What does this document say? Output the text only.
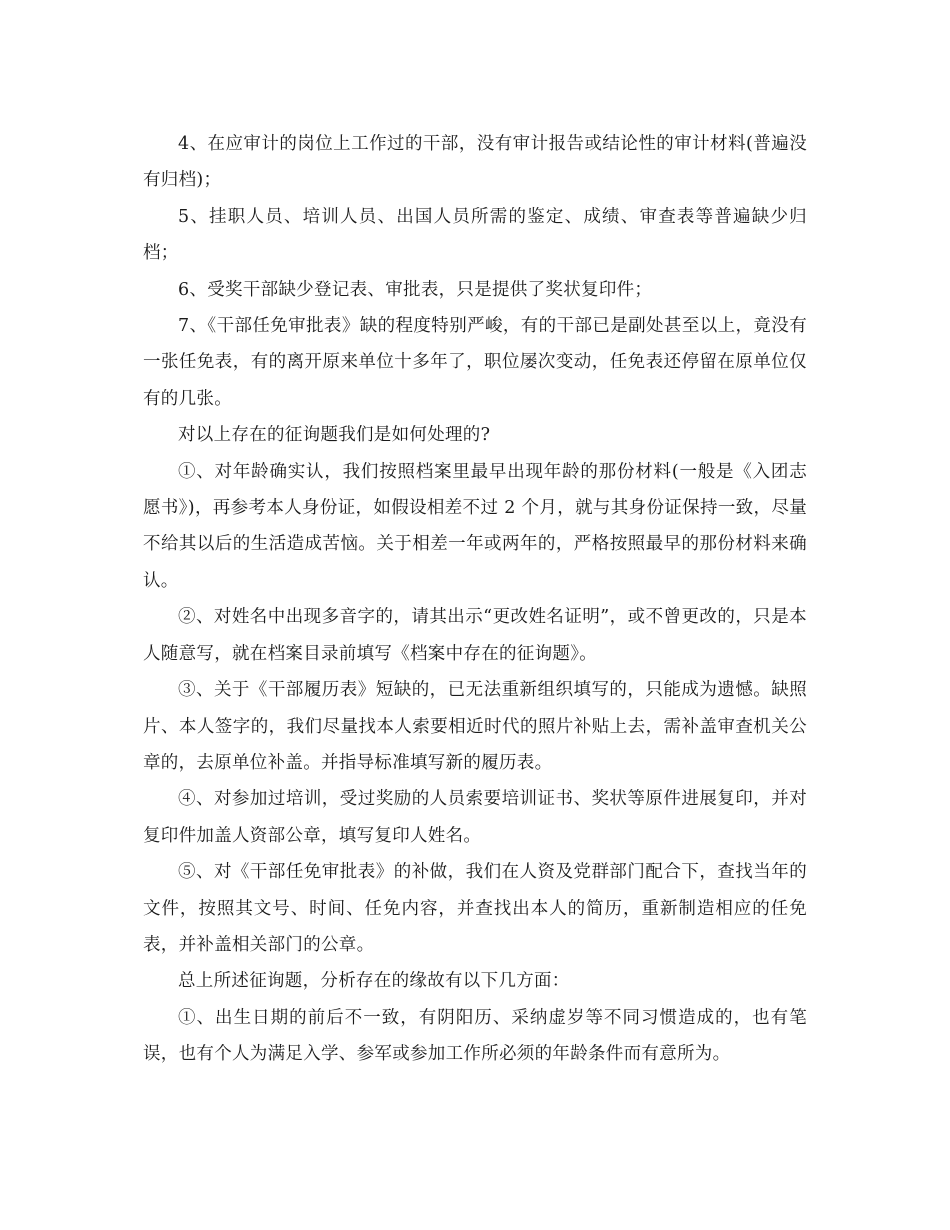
4、在应审计的岗位上工作过的干部，没有审计报告或结论性的审计材料(普遍没有归档)；

5、挂职人员、培训人员、出国人员所需的鉴定、成绩、审查表等普遍缺少归档；

6、受奖干部缺少登记表、审批表，只是提供了奖状复印件；

7、《干部任免审批表》缺的程度特别严峻，有的干部已是副处甚至以上，竟没有一张任免表，有的离开原来单位十多年了，职位屡次变动，任免表还停留在原单位仅有的几张。

对以上存在的征询题我们是如何处理的?

①、对年龄确实认，我们按照档案里最早出现年龄的那份材料(一般是《入团志愿书》)，再参考本人身份证，如假设相差不过 2 个月，就与其身份证保持一致，尽量不给其以后的生活造成苦恼。关于相差一年或两年的，严格按照最早的那份材料来确认。

②、对姓名中出现多音字的，请其出示“更改姓名证明”，或不曾更改的，只是本人随意写，就在档案目录前填写《档案中存在的征询题》。

③、关于《干部履历表》短缺的，已无法重新组织填写的，只能成为遗憾。缺照片、本人签字的，我们尽量找本人索要相近时代的照片补贴上去，需补盖审查机关公章的，去原单位补盖。并指导标准填写新的履历表。

④、对参加过培训，受过奖励的人员索要培训证书、奖状等原件进展复印，并对复印件加盖人资部公章，填写复印人姓名。

⑤、对《干部任免审批表》的补做，我们在人资及党群部门配合下，查找当年的文件，按照其文号、时间、任免内容，并查找出本人的简历，重新制造相应的任免表，并补盖相关部门的公章。

总上所述征询题，分析存在的缘故有以下几方面：

①、出生日期的前后不一致，有阴阳历、采纳虚岁等不同习惯造成的，也有笔误，也有个人为满足入学、参军或参加工作所必须的年龄条件而有意所为。
